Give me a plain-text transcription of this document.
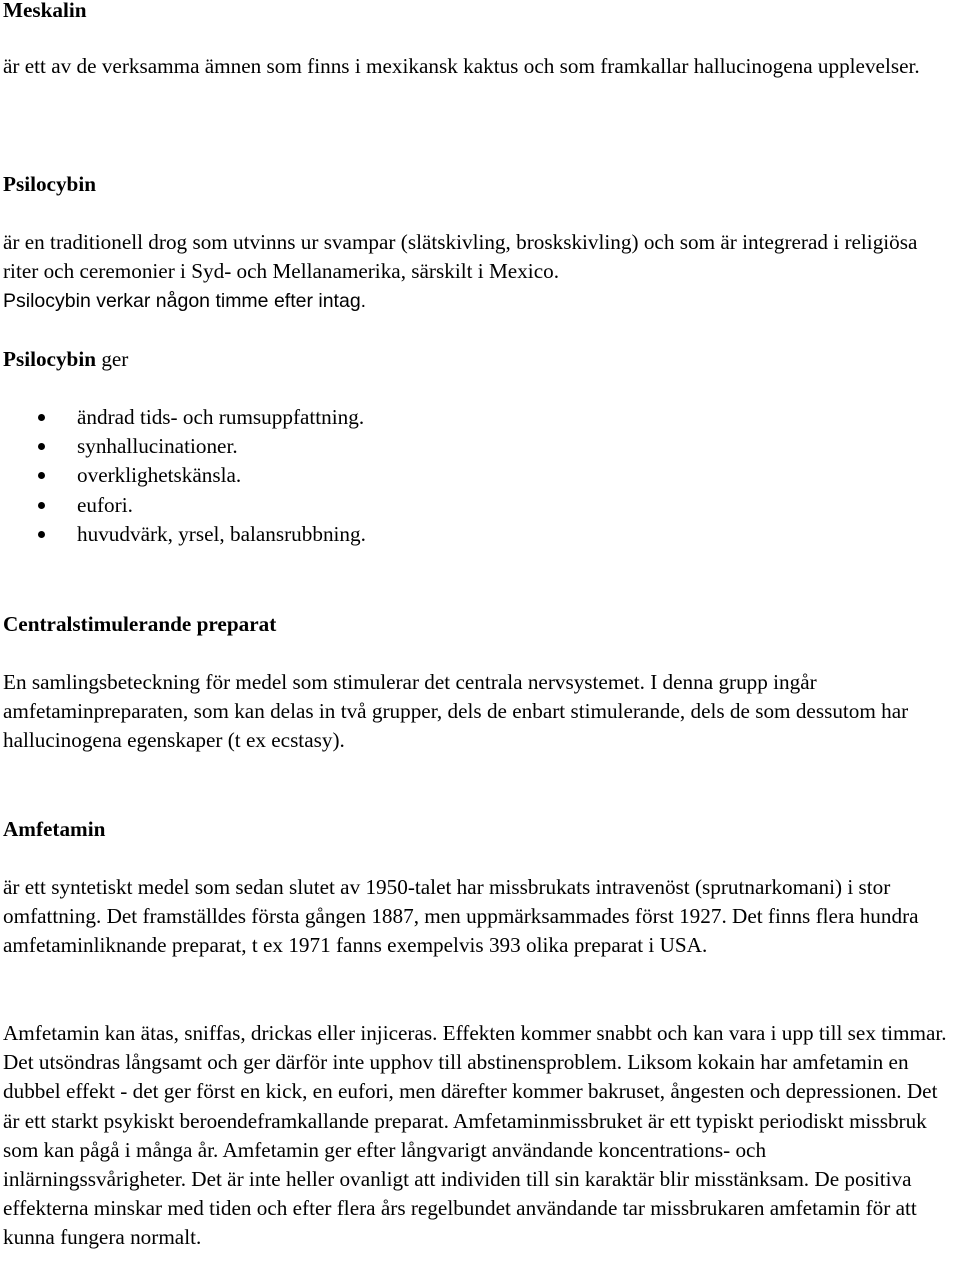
Meskalin
är ett av de verksamma ämnen som finns i mexikansk kaktus och som framkallar hallucinogena upplevelser.
Psilocybin
är en traditionell drog som utvinns ur svampar (slätskivling, broskskivling) och som är integrerad i religiösa riter och ceremonier i Syd- och Mellanamerika, särskilt i Mexico.
Psilocybin verkar någon timme efter intag.
Psilocybin ger
ändrad tids- och rumsuppfattning.
synhallucinationer.
overklighetskänsla.
eufori.
huvudvärk, yrsel, balansrubbning.
Centralstimulerande preparat
En samlingsbeteckning för medel som stimulerar det centrala nervsystemet. I denna grupp ingår amfetaminpreparaten, som kan delas in två grupper, dels de enbart stimulerande, dels de som dessutom har hallucinogena egenskaper (t ex ecstasy).
Amfetamin
är ett syntetiskt medel som sedan slutet av 1950-talet har missbrukats intravenöst (sprutnarkomani) i stor omfattning. Det framställdes första gången 1887, men uppmärksammades först 1927. Det finns flera hundra amfetaminliknande preparat, t ex 1971 fanns exempelvis 393 olika preparat i USA.
Amfetamin kan ätas, sniffas, drickas eller injiceras. Effekten kommer snabbt och kan vara i upp till sex timmar. Det utsöndras långsamt och ger därför inte upphov till abstinensproblem. Liksom kokain har amfetamin en dubbel effekt - det ger först en kick, en eufori, men därefter kommer bakruset, ångesten och depressionen. Det är ett starkt psykiskt beroendeframkallande preparat. Amfetaminmissbruket är ett typiskt periodiskt missbruk som kan pågå i många år. Amfetamin ger efter långvarigt användande koncentrations- och inlärningssvårigheter. Det är inte heller ovanligt att individen till sin karaktär blir misstänksam. De positiva effekterna minskar med tiden och efter flera års regelbundet användande tar missbrukaren amfetamin för att kunna fungera normalt.
